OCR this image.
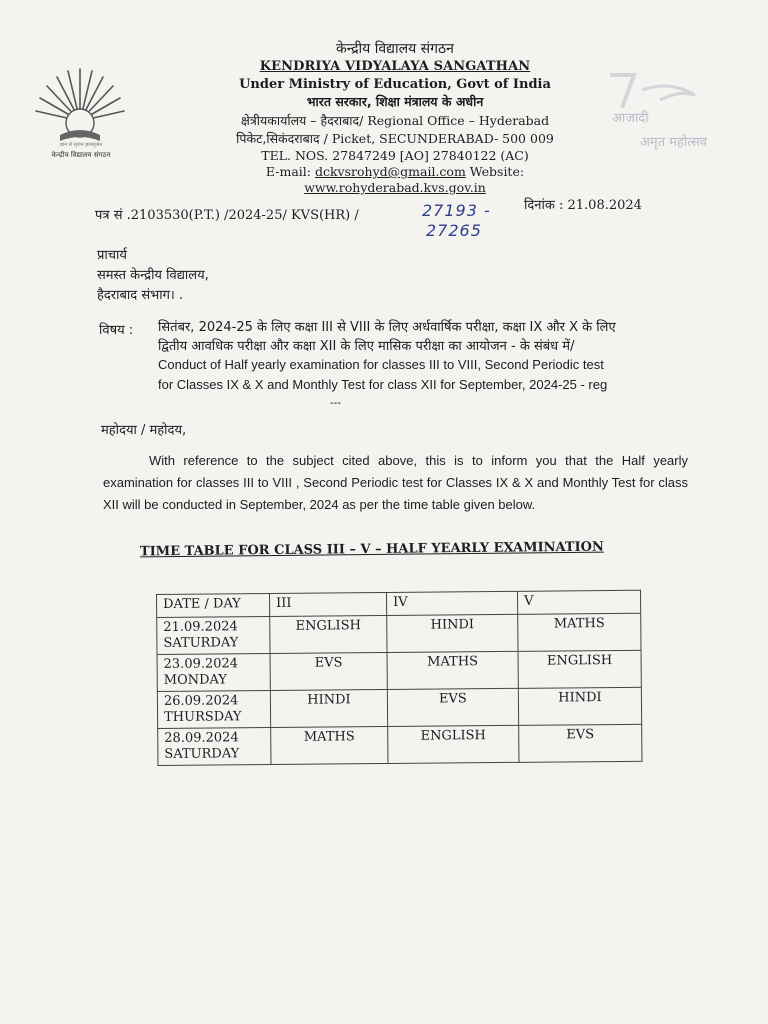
ज्ञान से सृजन ज्ञानसृजन
केन्द्रीय विद्यालय संगठन
आजादी
अमृत महोत्सव
केन्द्रीय विद्यालय संगठन
KENDRIYA VIDYALAYA SANGATHAN
Under Ministry of Education, Govt of India
भारत सरकार, शिक्षा मंत्रालय के अधीन
क्षेत्रीयकार्यालय – हैदराबाद/ Regional Office – Hyderabad
पिकेट,सिकंदराबाद / Picket, SECUNDERABAD- 500 009
TEL. NOS. 27847249 [AO] 27840122 (AC)
E-mail: dckvsrohyd@gmail.com Website:
www.rohyderabad.kvs.gov.in
पत्र सं .2103530(P.T.) /2024-25/ KVS(HR) /	27193 -
27265
दिनांक : 21.08.2024
प्राचार्य
समस्त केन्द्रीय विद्यालय,
हैदराबाद संभाग। .
विषय : सितंबर, 2024-25 के लिए कक्षा III से VIII के लिए अर्धवार्षिक परीक्षा, कक्षा IX और X के लिए
द्वितीय आवधिक परीक्षा और कक्षा XII के लिए मासिक परीक्षा का आयोजन - के संबंध में/
Conduct of Half yearly examination for classes III to VIII, Second Periodic test
for Classes IX & X and Monthly Test for class XII for September, 2024-25 - reg
---
महोदया / महोदय,
With reference to the subject cited above, this is to inform you that the Half yearly examination for classes III to VIII , Second Periodic test for Classes IX & X and Monthly Test for class XII will be conducted in September, 2024 as per the time table given below.
TIME TABLE FOR CLASS III – V – HALF YEARLY EXAMINATION
DATE / DAY	III	IV	V

21.09.2024
SATURDAY	ENGLISH	HINDI	MATHS

23.09.2024
MONDAY	EVS	MATHS	ENGLISH

26.09.2024
THURSDAY	HINDI	EVS	HINDI

28.09.2024
SATURDAY	MATHS	ENGLISH	EVS
